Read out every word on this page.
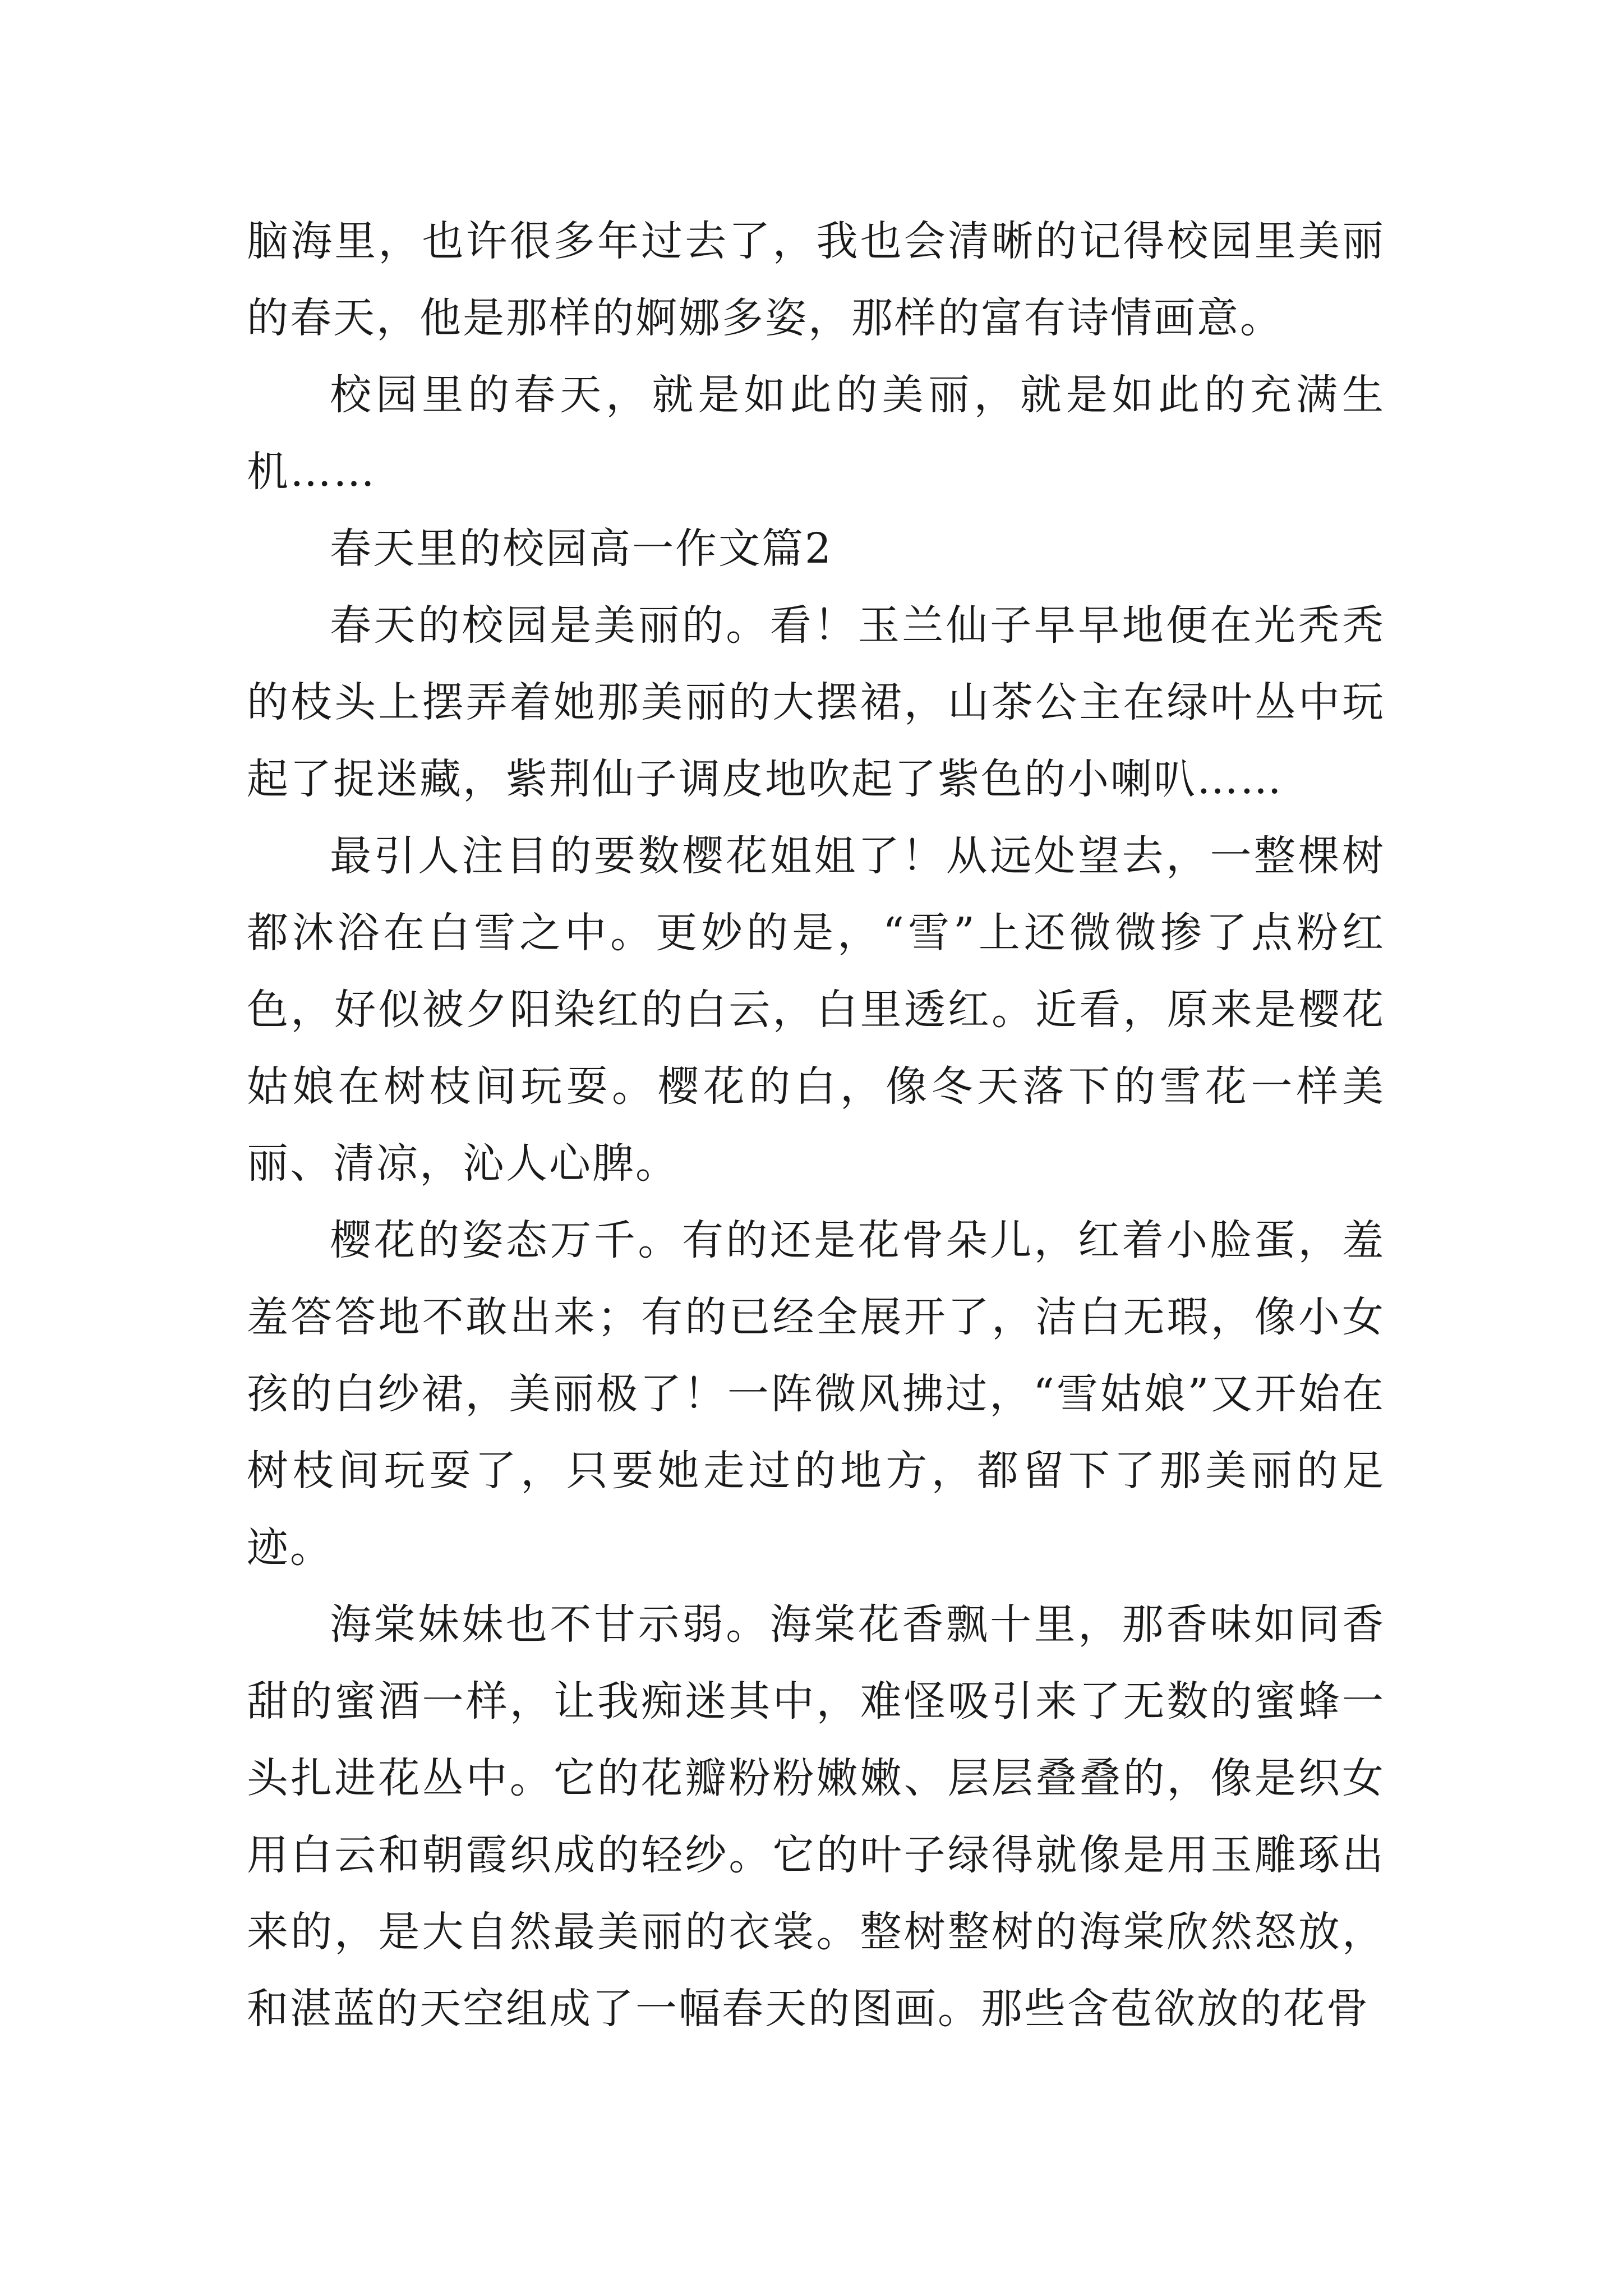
脑海里，也许很多年过去了，我也会清晰的记得校园里美丽的春天，他是那样的婀娜多姿，那样的富有诗情画意。

校园里的春天，就是如此的美丽，就是如此的充满生机……

春天里的校园高一作文篇2

春天的校园是美丽的。看！玉兰仙子早早地便在光秃秃的枝头上摆弄着她那美丽的大摆裙，山茶公主在绿叶丛中玩起了捉迷藏，紫荆仙子调皮地吹起了紫色的小喇叭……

最引人注目的要数樱花姐姐了！从远处望去，一整棵树都沐浴在白雪之中。更妙的是，“雪”上还微微掺了点粉红色，好似被夕阳染红的白云，白里透红。近看，原来是樱花姑娘在树枝间玩耍。樱花的白，像冬天落下的雪花一样美丽、清凉，沁人心脾。

樱花的姿态万千。有的还是花骨朵儿，红着小脸蛋，羞羞答答地不敢出来；有的已经全展开了，洁白无瑕，像小女孩的白纱裙，美丽极了！一阵微风拂过，“雪姑娘”又开始在树枝间玩耍了，只要她走过的地方，都留下了那美丽的足迹。

海棠妹妹也不甘示弱。海棠花香飘十里，那香味如同香甜的蜜酒一样，让我痴迷其中，难怪吸引来了无数的蜜蜂一头扎进花丛中。它的花瓣粉粉嫩嫩、层层叠叠的，像是织女用白云和朝霞织成的轻纱。它的叶子绿得就像是用玉雕琢出来的，是大自然最美丽的衣裳。整树整树的海棠欣然怒放，和湛蓝的天空组成了一幅春天的图画。那些含苞欲放的花骨
